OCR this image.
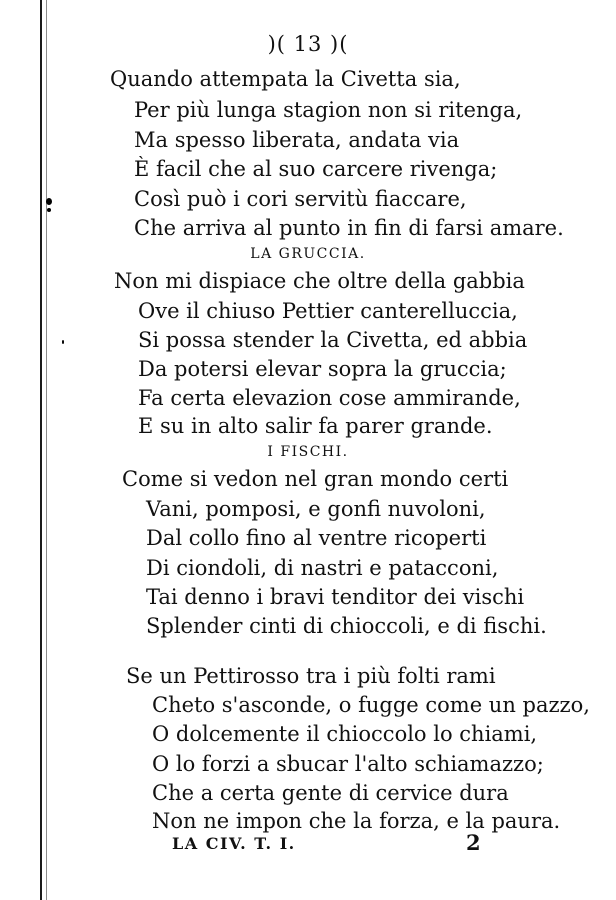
)( 13 )(
Quando attempata la Civetta sia,
Per più lunga stagion non si ritenga,
Ma spesso liberata, andata via
È facil che al suo carcere rivenga;
Così può i cori servitù fiaccare,
Che arriva al punto in fin di farsi amare.
LA GRUCCIA.
Non mi dispiace che oltre della gabbia
Ove il chiuso Pettier canterelluccia,
Si possa stender la Civetta, ed abbia
Da potersi elevar sopra la gruccia;
Fa certa elevazion cose ammirande,
E su in alto salir fa parer grande.
I FISCHI.
Come si vedon nel gran mondo certi
Vani, pomposi, e gonfi nuvoloni,
Dal collo fino al ventre ricoperti
Di ciondoli, di nastri e patacconi,
Tai denno i bravi tenditor dei vischi
Splender cinti di chioccoli, e di fischi.
Se un Pettirosso tra i più folti rami
Cheto s'asconde, o fugge come un pazzo,
O dolcemente il chioccolo lo chiami,
O lo forzi a sbucar l'alto schiamazzo;
Che a certa gente di cervice dura
Non ne impon che la forza, e la paura.
LA CIV. T. I.	2
